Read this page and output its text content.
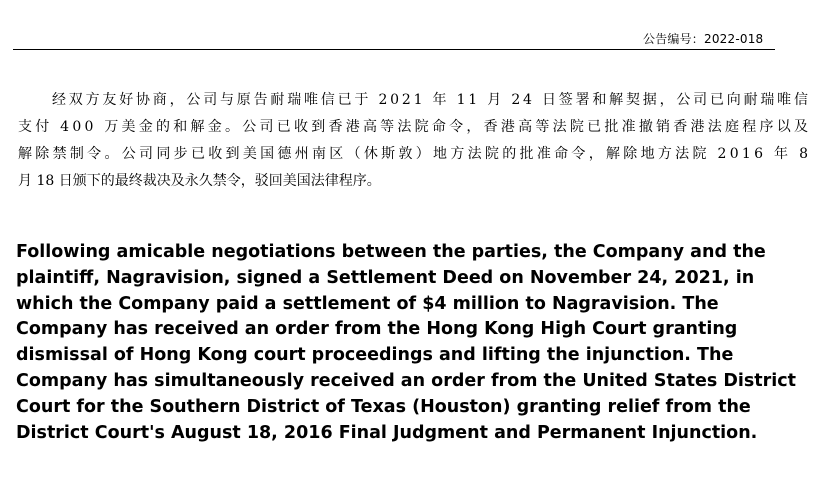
公告编号：2022-018
经双方友好协商，公司与原告耐瑞唯信已于 2021 年 11 月 24 日签署和解契据，公司已向耐瑞唯信
支付 400 万美金的和解金。公司已收到香港高等法院命令，香港高等法院已批准撤销香港法庭程序以及
解除禁制令。公司同步已收到美国德州南区（休斯敦）地方法院的批准命令，解除地方法院 2016 年 8
月 18 日颁下的最终裁决及永久禁令，驳回美国法律程序。
Following amicable negotiations between the parties, the Company and the
plaintiff, Nagravision, signed a Settlement Deed on November 24, 2021, in
which the Company paid a settlement of $4 million to Nagravision. The
Company has received an order from the Hong Kong High Court granting
dismissal of Hong Kong court proceedings and lifting the injunction. The
Company has simultaneously received an order from the United States District
Court for the Southern District of Texas (Houston) granting relief from the
District Court's August 18, 2016 Final Judgment and Permanent Injunction.
